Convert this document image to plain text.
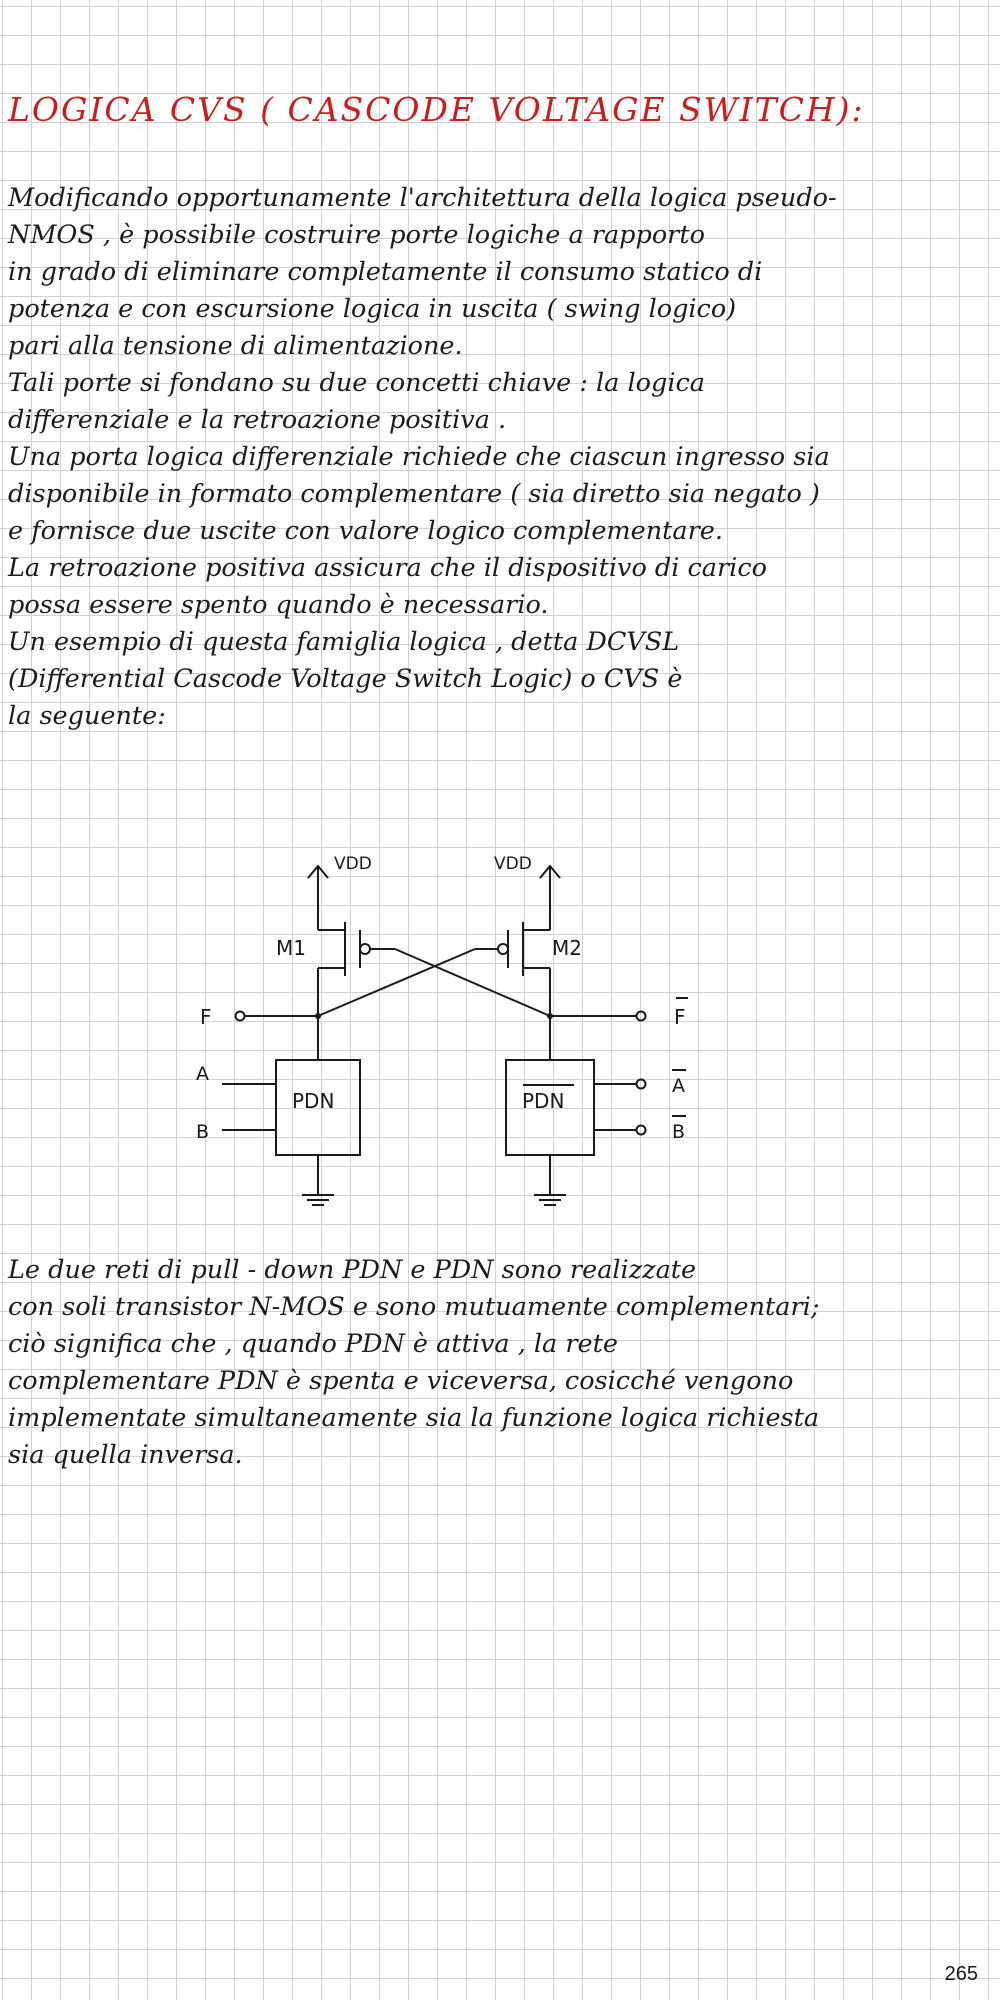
LOGICA CVS ( CASCODE VOLTAGE SWITCH):
Modificando opportunamente l'architettura della logica pseudo-
NMOS , è possibile costruire porte logiche a rapporto
in grado di eliminare completamente il consumo statico di
potenza e con escursione logica in uscita ( swing logico)
pari alla tensione di alimentazione.
Tali porte si fondano su due concetti chiave : la logica
differenziale e la retroazione positiva .
Una porta logica differenziale richiede che ciascun ingresso sia
disponibile in formato complementare ( sia diretto sia negato )
e fornisce due uscite con valore logico complementare.
La retroazione positiva assicura che il dispositivo di carico
possa essere spento quando è necessario.
Un esempio di questa famiglia logica , detta DCVSL
(Differential Cascode Voltage Switch Logic) o CVS è
la seguente:
VDD	VDD
M1	M2
F	F
A
B
PDN	PDN
A
B
Le due reti di pull - down PDN e PDN sono realizzate
con soli transistor N-MOS e sono mutuamente complementari;
ciò significa che , quando PDN è attiva , la rete
complementare PDN è spenta e viceversa, cosicché vengono
implementate simultaneamente sia la funzione logica richiesta
sia quella inversa.
265
